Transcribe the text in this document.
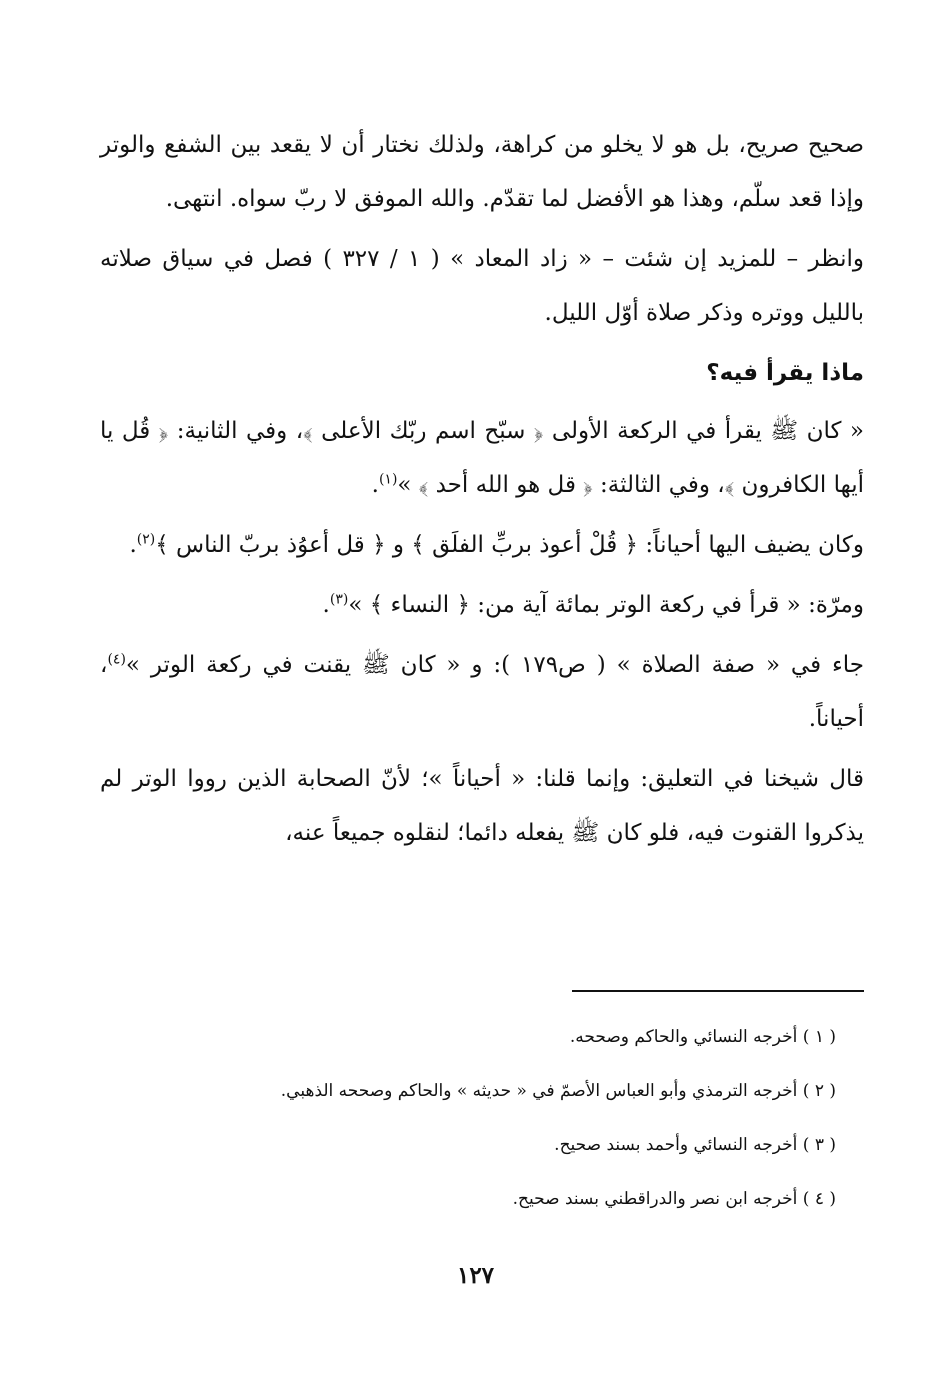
صحيح صريح، بل هو لا يخلو من كراهة، ولذلك نختار أن لا يقعد بين الشفع والوتر وإذا قعد سلّم، وهذا هو الأفضل لما تقدّم. والله الموفق لا ربّ سواه. انتهى.

وانظر – للمزيد إن شئت – « زاد المعاد » ( ١ / ٣٢٧ ) فصل في سياق صلاته بالليل ووتره وذكر صلاة أوّل الليل.

ماذا يقرأ فيه؟

« كان ﷺ يقرأ في الركعة الأولى ﴿ سبّح اسم ربّك الأعلى ﴾، وفي الثانية: ﴿ قُل يا أيها الكافرون ﴾، وفي الثالثة: ﴿ قل هو الله أحد ﴾ »$^{(١)}$.

وكان يضيف اليها أحياناً: ﴿ قُلْ أعوذ بربِّ الفلَق ﴾ و ﴿ قل أعوُذ بربّ الناس ﴾$^{(٢)}$.

ومرّة: « قرأ في ركعة الوتر بمائة آية من: ﴿ النساء ﴾ »$^{(٣)}$.

جاء في « صفة الصلاة » ( ص١٧٩ ): و « كان ﷺ يقنت في ركعة الوتر »$^{(٤)}$، أحياناً.

قال شيخنا في التعليق: وإنما قلنا: « أحياناً »؛ لأنّ الصحابة الذين رووا الوتر لم يذكروا القنوت فيه، فلو كان ﷺ يفعله دائما؛ لنقلوه جميعاً عنه،

( ١ ) أخرجه النسائي والحاكم وصححه.

( ٢ ) أخرجه الترمذي وأبو العباس الأصمّ في « حديثه » والحاكم وصححه الذهبي.

( ٣ ) أخرجه النسائي وأحمد بسند صحيح.

( ٤ ) أخرجه ابن نصر والدراقطني بسند صحيح.

١٢٧
